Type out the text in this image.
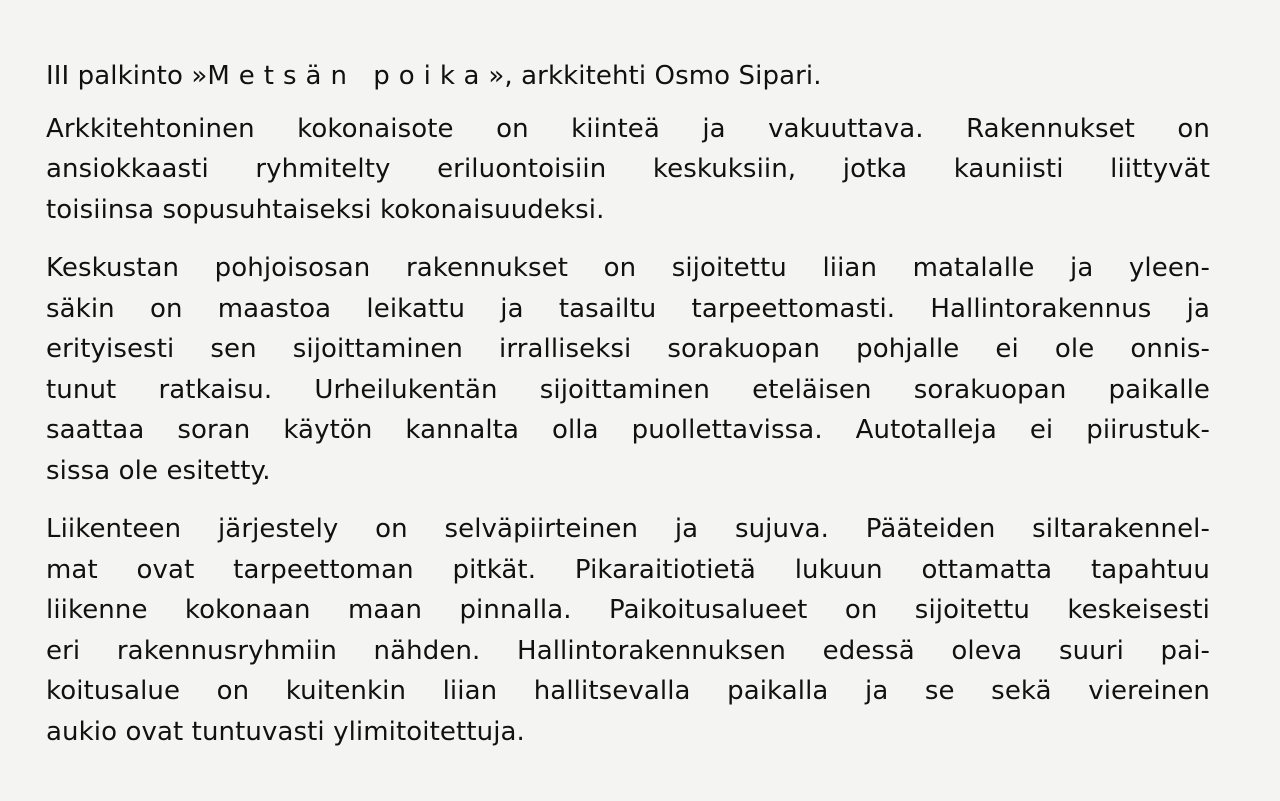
III palkinto »Metsän poika», arkkitehti Osmo Sipari.
Arkkitehtoninen kokonaisote on kiinteä ja vakuuttava. Rakennukset on
ansiokkaasti ryhmitelty eriluontoisiin keskuksiin, jotka kauniisti liittyvät
toisiinsa sopusuhtaiseksi kokonaisuudeksi.
Keskustan pohjoisosan rakennukset on sijoitettu liian matalalle ja yleen-
säkin on maastoa leikattu ja tasailtu tarpeettomasti. Hallintorakennus ja
erityisesti sen sijoittaminen irralliseksi sorakuopan pohjalle ei ole onnis-
tunut ratkaisu. Urheilukentän sijoittaminen eteläisen sorakuopan paikalle
saattaa soran käytön kannalta olla puollettavissa. Autotalleja ei piirustuk-
sissa ole esitetty.
Liikenteen järjestely on selväpiirteinen ja sujuva. Pääteiden siltarakennel-
mat ovat tarpeettoman pitkät. Pikaraitiotietä lukuun ottamatta tapahtuu
liikenne kokonaan maan pinnalla. Paikoitusalueet on sijoitettu keskeisesti
eri rakennusryhmiin nähden. Hallintorakennuksen edessä oleva suuri pai-
koitusalue on kuitenkin liian hallitsevalla paikalla ja se sekä viereinen
aukio ovat tuntuvasti ylimitoitettuja.
